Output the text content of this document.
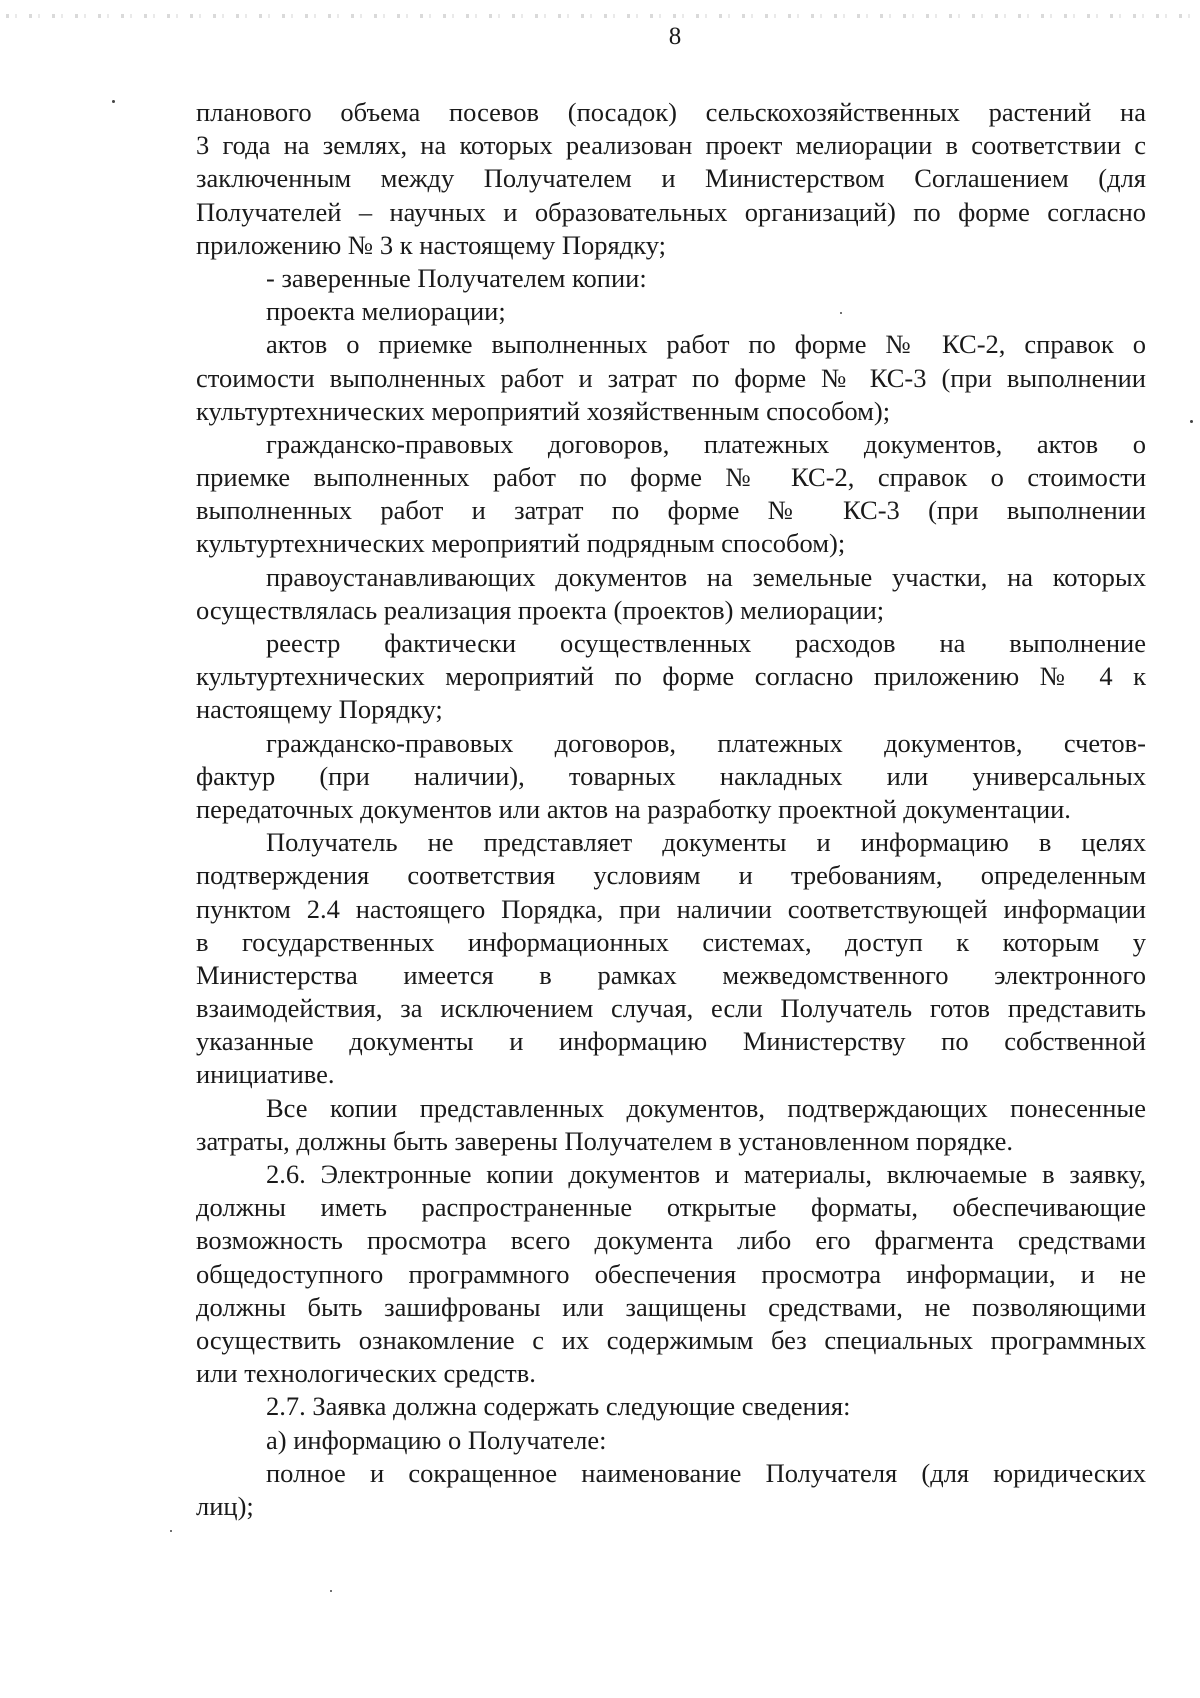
8
планового объема посевов (посадок) сельскохозяйственных растений на
3 года на землях, на которых реализован проект мелиорации в соответствии с
заключенным между Получателем и Министерством Соглашением (для
Получателей – научных и образовательных организаций) по форме согласно
приложению № 3 к настоящему Порядку;
- заверенные Получателем копии:
проекта мелиорации;
актов о приемке выполненных работ по форме № КС-2, справок о
стоимости выполненных работ и затрат по форме № КС-3 (при выполнении
культуртехнических мероприятий хозяйственным способом);
гражданско-правовых договоров, платежных документов, актов о
приемке выполненных работ по форме № КС-2, справок о стоимости
выполненных работ и затрат по форме № КС-3 (при выполнении
культуртехнических мероприятий подрядным способом);
правоустанавливающих документов на земельные участки, на которых
осуществлялась реализация проекта (проектов) мелиорации;
реестр фактически осуществленных расходов на выполнение
культуртехнических мероприятий по форме согласно приложению № 4 к
настоящему Порядку;
гражданско-правовых договоров, платежных документов, счетов-
фактур (при наличии), товарных накладных или универсальных
передаточных документов или актов на разработку проектной документации.
Получатель не представляет документы и информацию в целях
подтверждения соответствия условиям и требованиям, определенным
пунктом 2.4 настоящего Порядка, при наличии соответствующей информации
в государственных информационных системах, доступ к которым у
Министерства имеется в рамках межведомственного электронного
взаимодействия, за исключением случая, если Получатель готов представить
указанные документы и информацию Министерству по собственной
инициативе.
Все копии представленных документов, подтверждающих понесенные
затраты, должны быть заверены Получателем в установленном порядке.
2.6. Электронные копии документов и материалы, включаемые в заявку,
должны иметь распространенные открытые форматы, обеспечивающие
возможность просмотра всего документа либо его фрагмента средствами
общедоступного программного обеспечения просмотра информации, и не
должны быть зашифрованы или защищены средствами, не позволяющими
осуществить ознакомление с их содержимым без специальных программных
или технологических средств.
2.7. Заявка должна содержать следующие сведения:
а) информацию о Получателе:
полное и сокращенное наименование Получателя (для юридических
лиц);
